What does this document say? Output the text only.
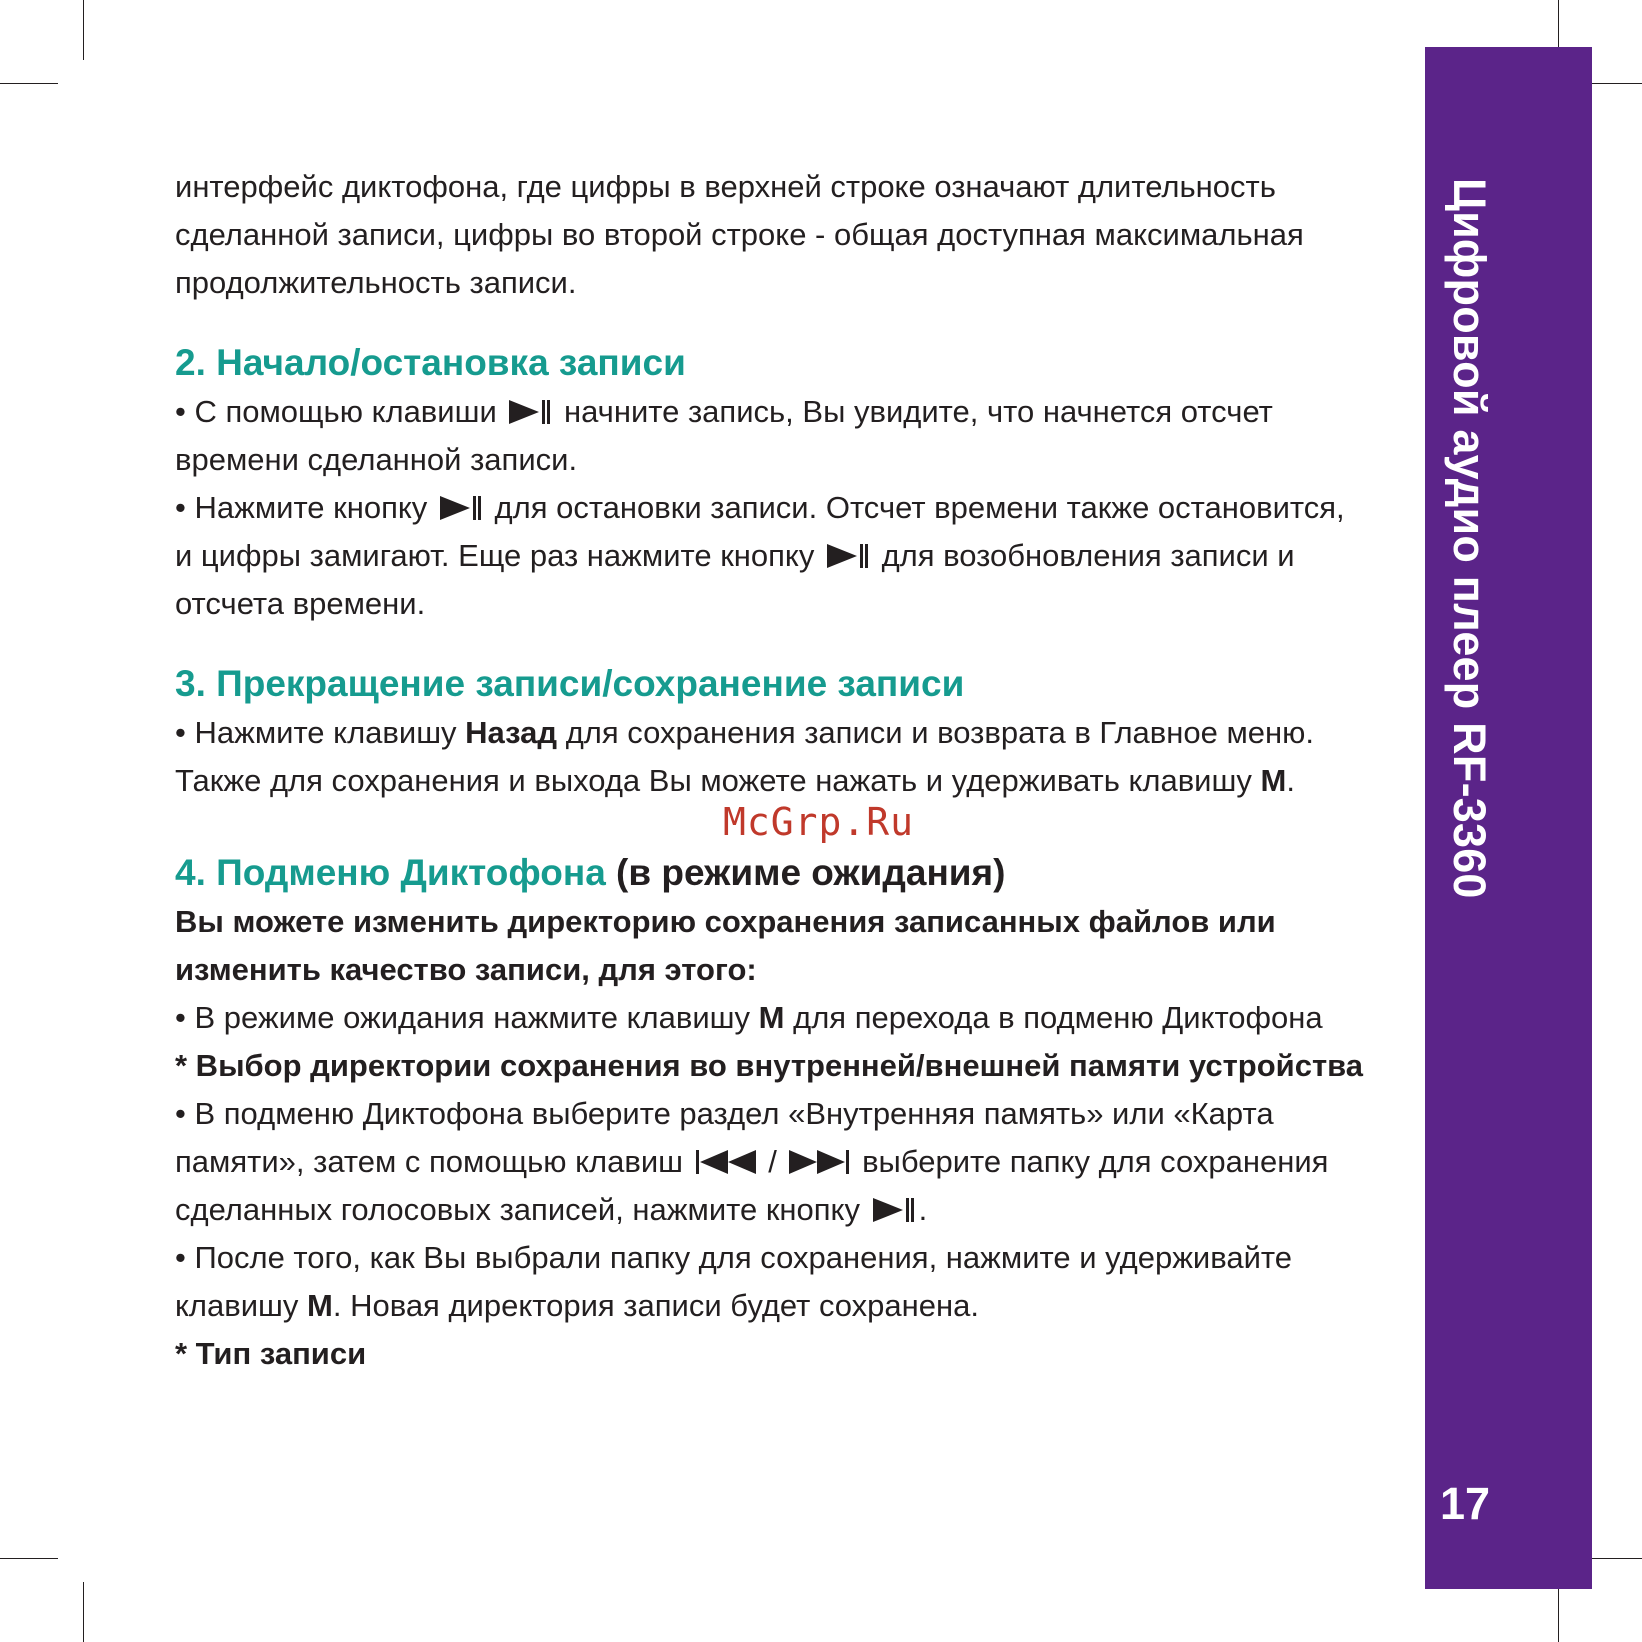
Цифровой аудио плеер RF-3360
17

интерфейс диктофона, где цифры в верхней строке означают длительность сделанной записи, цифры во второй строке - общая доступная максимальная продолжительность записи.

2. Начало/остановка записи

• С помощью клавиши  начните запись, Вы увидите, что начнется отсчет времени сделанной записи.

• Нажмите кнопку  для остановки записи. Отсчет времени также остановится, и цифры замигают. Еще раз нажмите кнопку  для возобновления записи и отсчета времени.

3. Прекращение записи/сохранение записи

• Нажмите клавишу Назад для сохранения записи и возврата в Главное меню. Также для сохранения и выхода Вы можете нажать и удерживать клавишу М.

4. Подменю Диктофона (в режиме ожидания)

Вы можете изменить директорию сохранения записанных файлов или изменить качество записи, для этого:

• В режиме ожидания нажмите клавишу М для перехода в подменю Диктофона

* Выбор директории сохранения во внутренней/внешней памяти устройства

• В подменю Диктофона выберите раздел «Внутренняя память» или «Карта памяти», затем с помощью клавиш  /  выберите папку для сохранения сделанных голосовых записей, нажмите кнопку .

• После того, как Вы выбрали папку для сохранения, нажмите и удерживайте клавишу М. Новая директория записи будет сохранена.

* Тип записи

McGrp.Ru
